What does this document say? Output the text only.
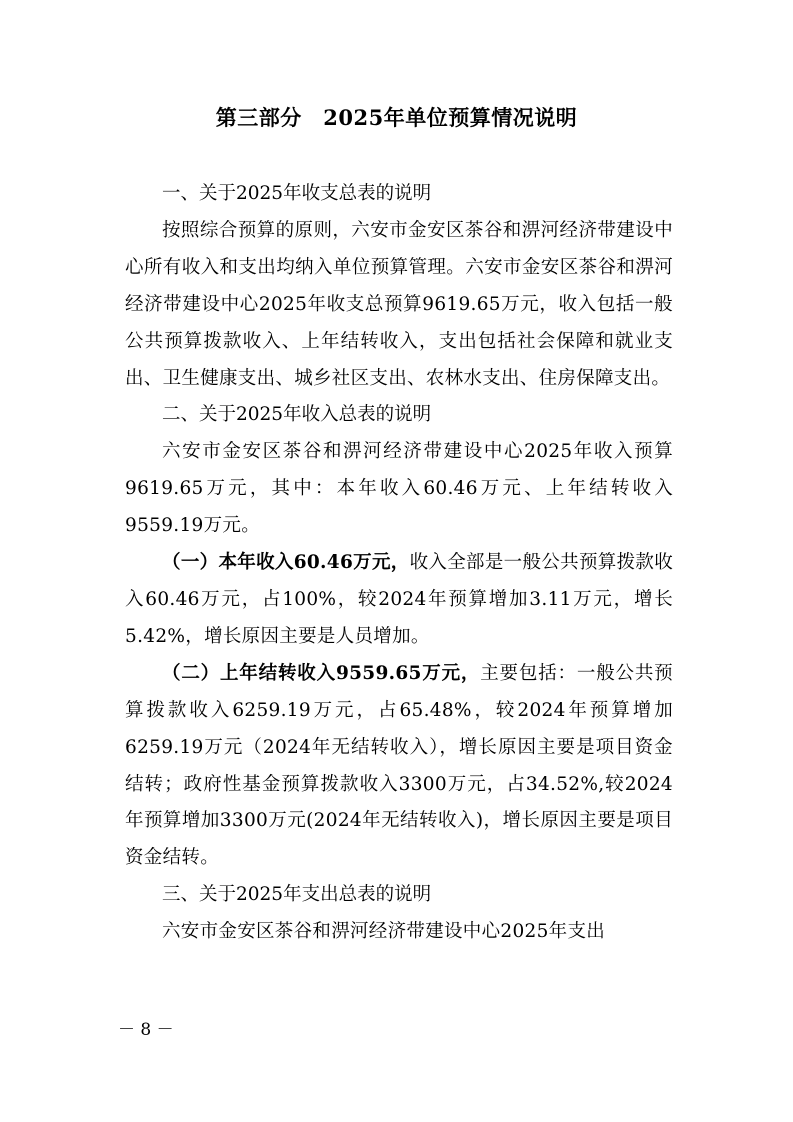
第三部分　2025年单位预算情况说明

一、关于2025年收支总表的说明

按照综合预算的原则，六安市金安区茶谷和淠河经济带建设中心所有收入和支出均纳入单位预算管理。六安市金安区茶谷和淠河经济带建设中心2025年收支总预算9619.65万元，收入包括一般公共预算拨款收入、上年结转收入，支出包括社会保障和就业支出、卫生健康支出、城乡社区支出、农林水支出、住房保障支出。

二、关于2025年收入总表的说明

六安市金安区茶谷和淠河经济带建设中心2025年收入预算9619.65万元，其中：本年收入60.46万元、上年结转收入9559.19万元。

（一）本年收入60.46万元，收入全部是一般公共预算拨款收入60.46万元，占100%，较2024年预算增加3.11万元，增长5.42%，增长原因主要是人员增加。

（二）上年结转收入9559.65万元，主要包括：一般公共预算拨款收入6259.19万元，占65.48%，较2024年预算增加6259.19万元（2024年无结转收入），增长原因主要是项目资金结转；政府性基金预算拨款收入3300万元，占34.52%,较2024年预算增加3300万元(2024年无结转收入)，增长原因主要是项目资金结转。

三、关于2025年支出总表的说明

六安市金安区茶谷和淠河经济带建设中心2025年支出

－ 8 －
